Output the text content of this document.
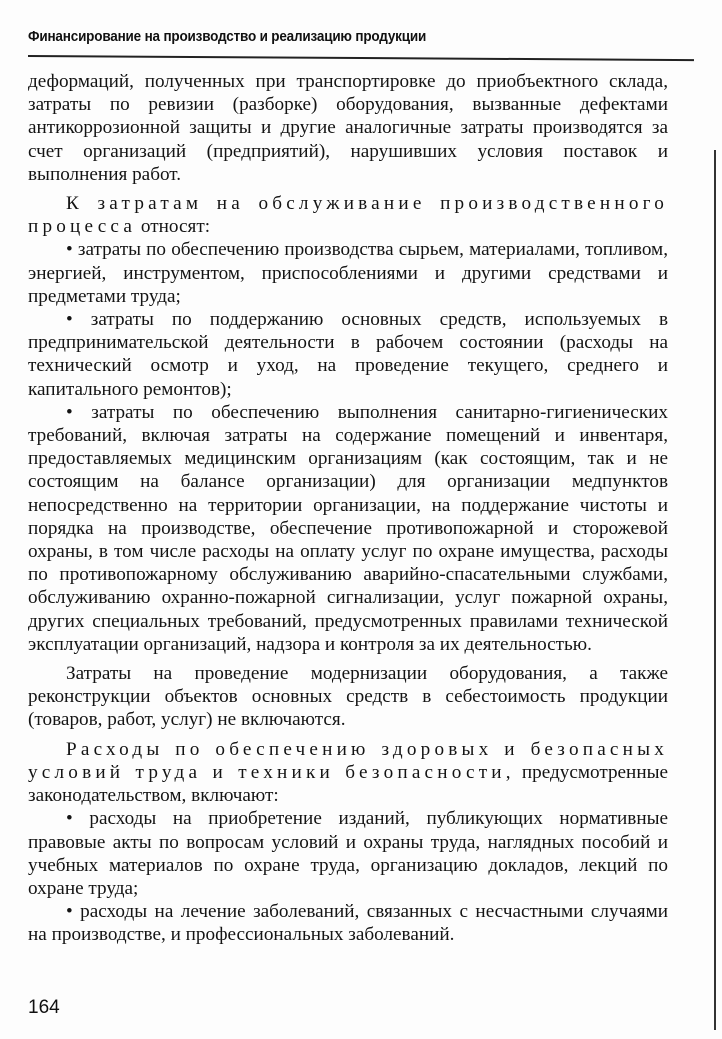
Финансирование на производство и реализацию продукции

деформаций, полученных при транспортировке до приобъектного склада, затраты по ревизии (разборке) оборудования, вызванные дефектами антикоррозионной защиты и другие аналогичные затраты производятся за счет организаций (предприятий), нарушивших условия поставок и выполнения работ.

К затратам на обслуживание производственного процесса относят:

• затраты по обеспечению производства сырьем, материалами, топливом, энергией, инструментом, приспособлениями и другими средствами и предметами труда;

• затраты по поддержанию основных средств, используемых в предпринимательской деятельности в рабочем состоянии (расходы на технический осмотр и уход, на проведение текущего, среднего и капитального ремонтов);

• затраты по обеспечению выполнения санитарно-гигиенических требований, включая затраты на содержание помещений и инвентаря, предоставляемых медицинским организациям (как состоящим, так и не состоящим на балансе организации) для организации медпунктов непосредственно на территории организации, на поддержание чистоты и порядка на производстве, обеспечение противопожарной и сторожевой охраны, в том числе расходы на оплату услуг по охране имущества, расходы по противопожарному обслуживанию аварийно-спасательными службами, обслуживанию охранно-пожарной сигнализации, услуг пожарной охраны, других специальных требований, предусмотренных правилами технической эксплуатации организаций, надзора и контроля за их деятельностью.

Затраты на проведение модернизации оборудования, а также реконструкции объектов основных средств в себестоимость продукции (товаров, работ, услуг) не включаются.

Расходы по обеспечению здоровых и безопасных условий труда и техники безопасности, предусмотренные законодательством, включают:

• расходы на приобретение изданий, публикующих нормативные правовые акты по вопросам условий и охраны труда, наглядных пособий и учебных материалов по охране труда, организацию докладов, лекций по охране труда;

• расходы на лечение заболеваний, связанных с несчастными случаями на производстве, и профессиональных заболеваний.

164
